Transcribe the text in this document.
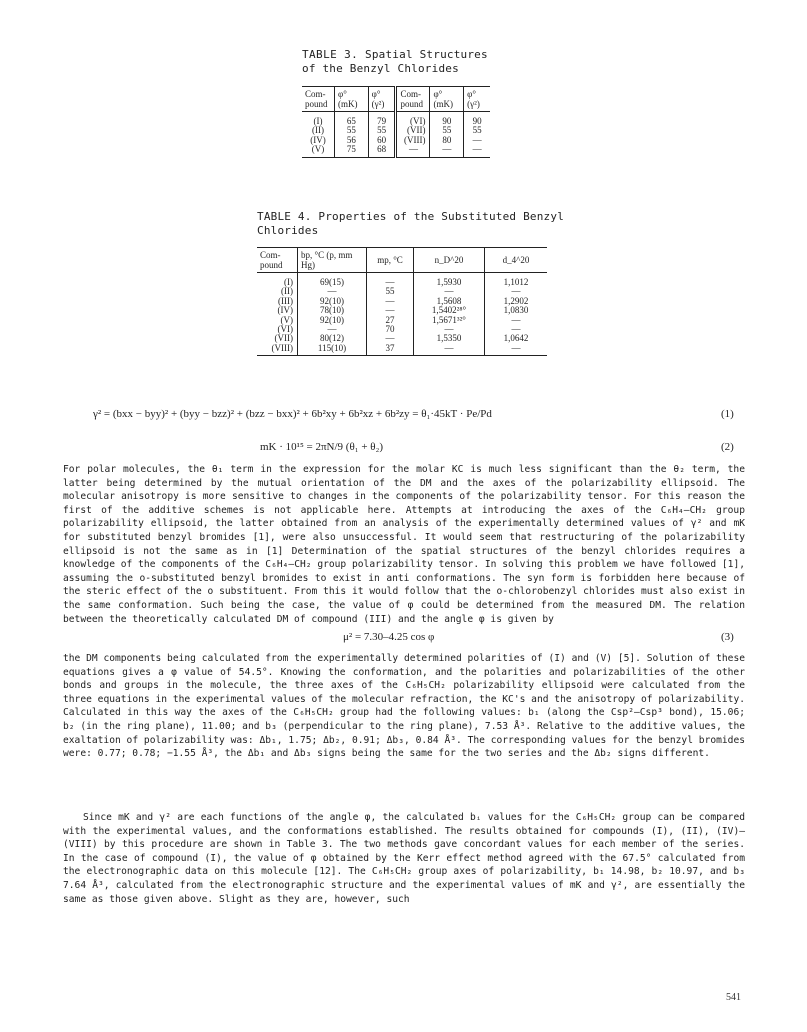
TABLE 3. Spatial Structures
of the Benzyl Chlorides
Com-pound	φ° (mK)	φ° (γ²)	Com-pound	φ° (mK)	φ° (γ²)
(I)	65	79	(VI)	90	90
(II)	55	55	(VII)	55	55
(IV)	56	60	(VIII)	80	—
(V)	75	68	—	—	—
TABLE 4. Properties of the Substituted Benzyl
Chlorides
Com-pound	bp, °C (p, mm Hg)	mp, °C	n_D^20	d_4^20
(I)	69(15)	—	1,5930	1,1012
(II)	—	55	—	—
(III)	92(10)	—	1,5608	1,2902
(IV)	78(10)	—	1,5402²⁸°	1,0830
(V)	92(10)	27	1,5671³²°	—
(VI)	—	70	—	—
(VII)	80(12)	—	1,5350	1,0642
(VIII)	115(10)	37	—	—
γ² = (bxx − byy)² + (byy − bzz)² + (bzz − bxx)² + 6b²xy + 6b²xz + 6b²zy = θ₁·45kT · Pe/Pd	(1)
mK · 10¹⁵ = 2πN/9 (θ₁ + θ₂)	(2)

For polar molecules, the θ₁ term in the expression for the molar KC is much less significant than the θ₂ term, the latter being determined by the mutual orientation of the DM and the axes of the polarizability ellipsoid. The molecular anisotropy is more sensitive to changes in the components of the polarizability tensor. For this reason the first of the additive schemes is not applicable here. Attempts at introducing the axes of the C₆H₄–CH₂ group polarizability ellipsoid, the latter obtained from an analysis of the experimentally determined values of γ² and mK for substituted benzyl bromides [1], were also unsuccessful. It would seem that restructuring of the polarizability ellipsoid is not the same as in [1] Determination of the spatial structures of the benzyl chlorides requires a knowledge of the components of the C₆H₄–CH₂ group polarizability tensor. In solving this problem we have followed [1], assuming the o-substituted benzyl bromides to exist in anti conformations. The syn form is forbidden here because of the steric effect of the o substituent. From this it would follow that the o-chlorobenzyl chlorides must also exist in the same conformation. Such being the case, the value of φ could be determined from the measured DM. The relation between the theoretically calculated DM of compound (III) and the angle φ is given by

μ² = 7.30–4.25 cos φ	(3)

the DM components being calculated from the experimentally determined polarities of (I) and (V) [5]. Solution of these equations gives a φ value of 54.5°. Knowing the conformation, and the polarities and polarizabilities of the other bonds and groups in the molecule, the three axes of the C₆H₅CH₂ polarizability ellipsoid were calculated from the three equations in the experimental values of the molecular refraction, the KC's and the anisotropy of polarizability. Calculated in this way the axes of the C₆H₅CH₂ group had the following values: b₁ (along the Csp²–Csp³ bond), 15.06; b₂ (in the ring plane), 11.00; and b₃ (perpendicular to the ring plane), 7.53 Å³. Relative to the additive values, the exaltation of polarizability was: Δb₁, 1.75; Δb₂, 0.91; Δb₃, 0.84 Å³. The corresponding values for the benzyl bromides were: 0.77; 0.78; −1.55 Å³, the Δb₁ and Δb₃ signs being the same for the two series and the Δb₂ signs different.

Since mK and γ² are each functions of the angle φ, the calculated bᵢ values for the C₆H₅CH₂ group can be compared with the experimental values, and the conformations established. The results obtained for compounds (I), (II), (IV)–(VIII) by this procedure are shown in Table 3. The two methods gave concordant values for each member of the series. In the case of compound (I), the value of φ obtained by the Kerr effect method agreed with the 67.5° calculated from the electronographic data on this molecule [12]. The C₆H₅CH₂ group axes of polarizability, b₁ 14.98, b₂ 10.97, and b₃ 7.64 Å³, calculated from the electronographic structure and the experimental values of mK and γ², are essentially the same as those given above. Slight as they are, however, such

541
